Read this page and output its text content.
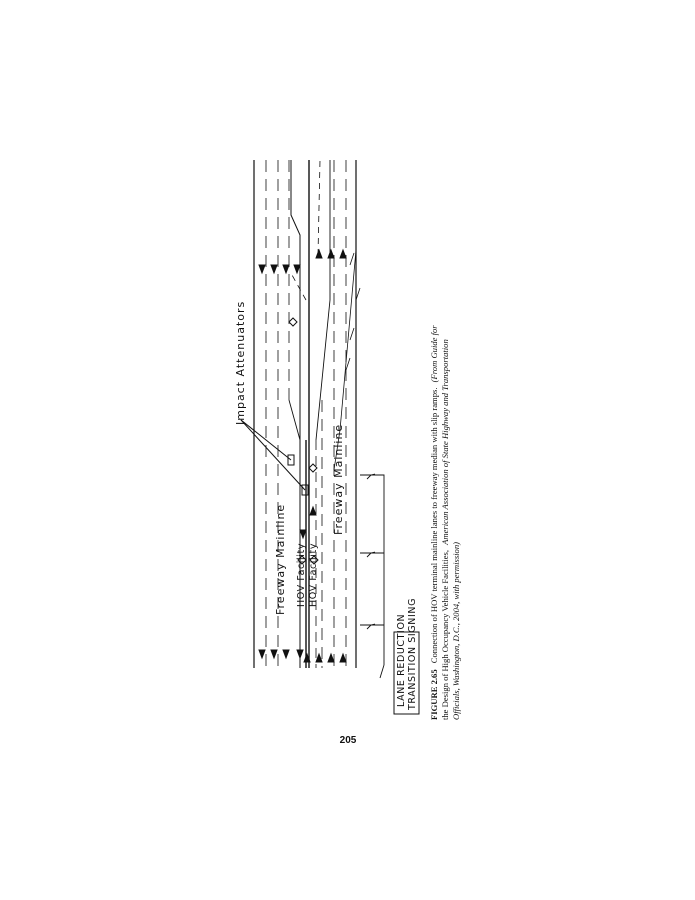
Impact Attenuators
Freeway Mainline HOV Facility HOV Facility
Freeway Mainline
LANE REDUCTION TRANSITION SIGNING FIGURE 2.65 Connection of HOV terminal mainline lanes to freeway median with slip ramps. (From Guide for
the Design of High Occupancy Vehicle Facilities, American Association of State Highway and Transportation
Officials, Washington, D.C., 2004, with permission)
205
